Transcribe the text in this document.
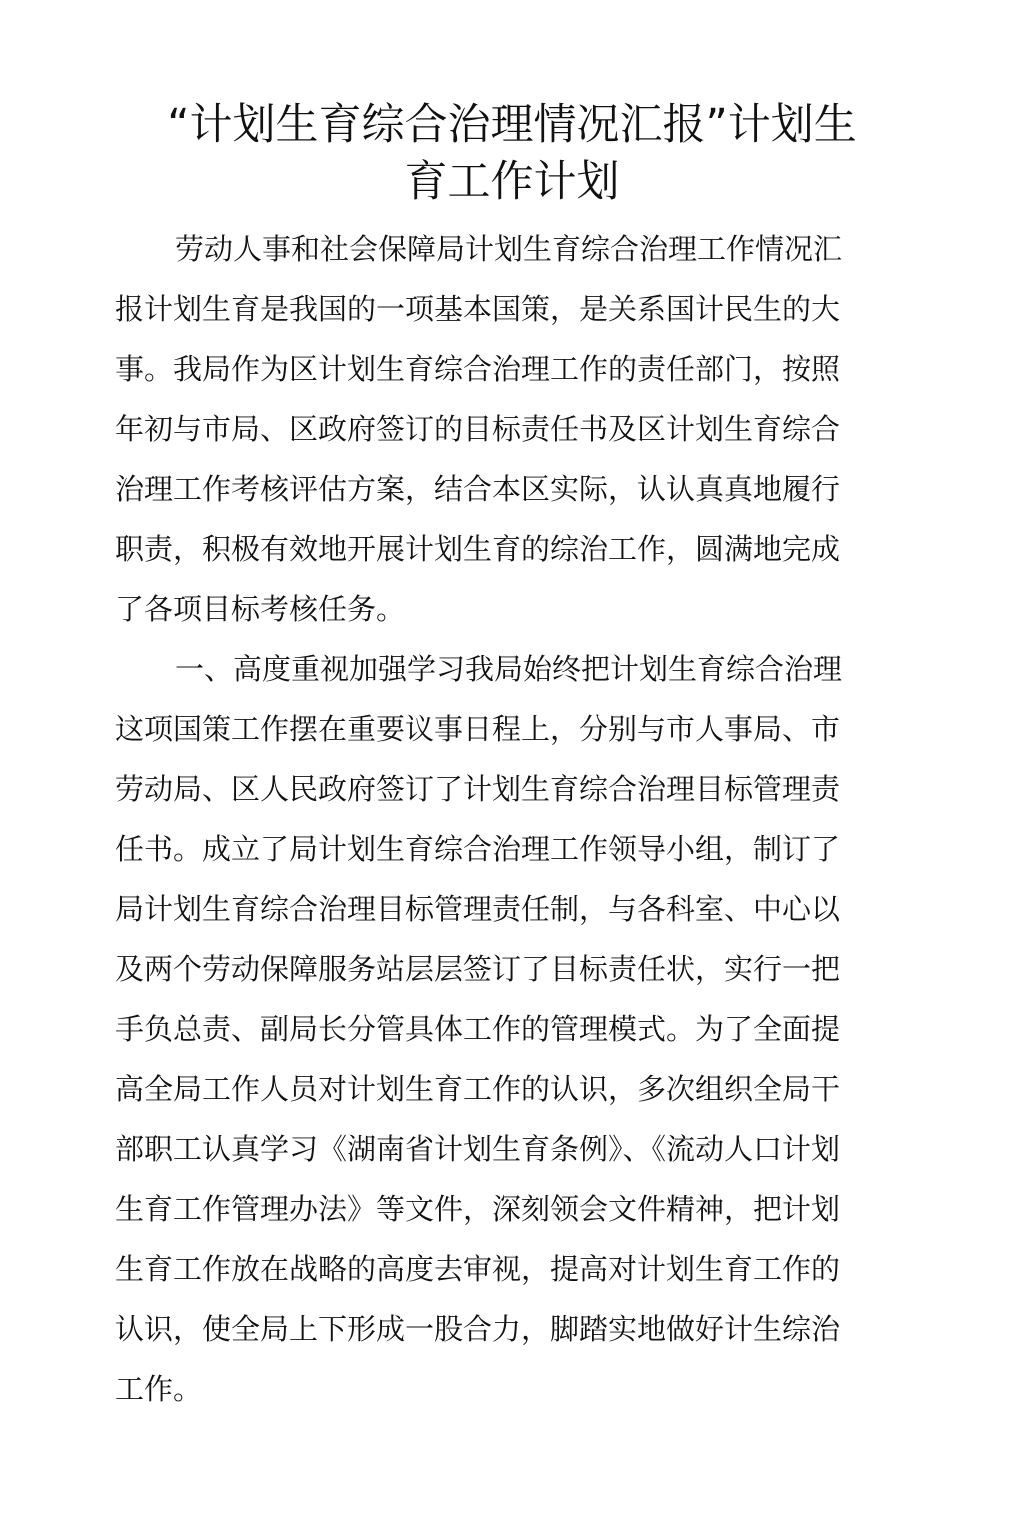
“计划生育综合治理情况汇报”计划生
育工作计划
劳动人事和社会保障局计划生育综合治理工作情况汇
报计划生育是我国的一项基本国策，是关系国计民生的大
事。我局作为区计划生育综合治理工作的责任部门，按照
年初与市局、区政府签订的目标责任书及区计划生育综合
治理工作考核评估方案，结合本区实际，认认真真地履行
职责，积极有效地开展计划生育的综治工作，圆满地完成
了各项目标考核任务。
一、高度重视加强学习我局始终把计划生育综合治理
这项国策工作摆在重要议事日程上，分别与市人事局、市
劳动局、区人民政府签订了计划生育综合治理目标管理责
任书。成立了局计划生育综合治理工作领导小组，制订了
局计划生育综合治理目标管理责任制，与各科室、中心以
及两个劳动保障服务站层层签订了目标责任状，实行一把
手负总责、副局长分管具体工作的管理模式。为了全面提
高全局工作人员对计划生育工作的认识，多次组织全局干
部职工认真学习《湖南省计划生育条例》、《流动人口计划
生育工作管理办法》等文件，深刻领会文件精神，把计划
生育工作放在战略的高度去审视，提高对计划生育工作的
认识，使全局上下形成一股合力，脚踏实地做好计生综治
工作。
